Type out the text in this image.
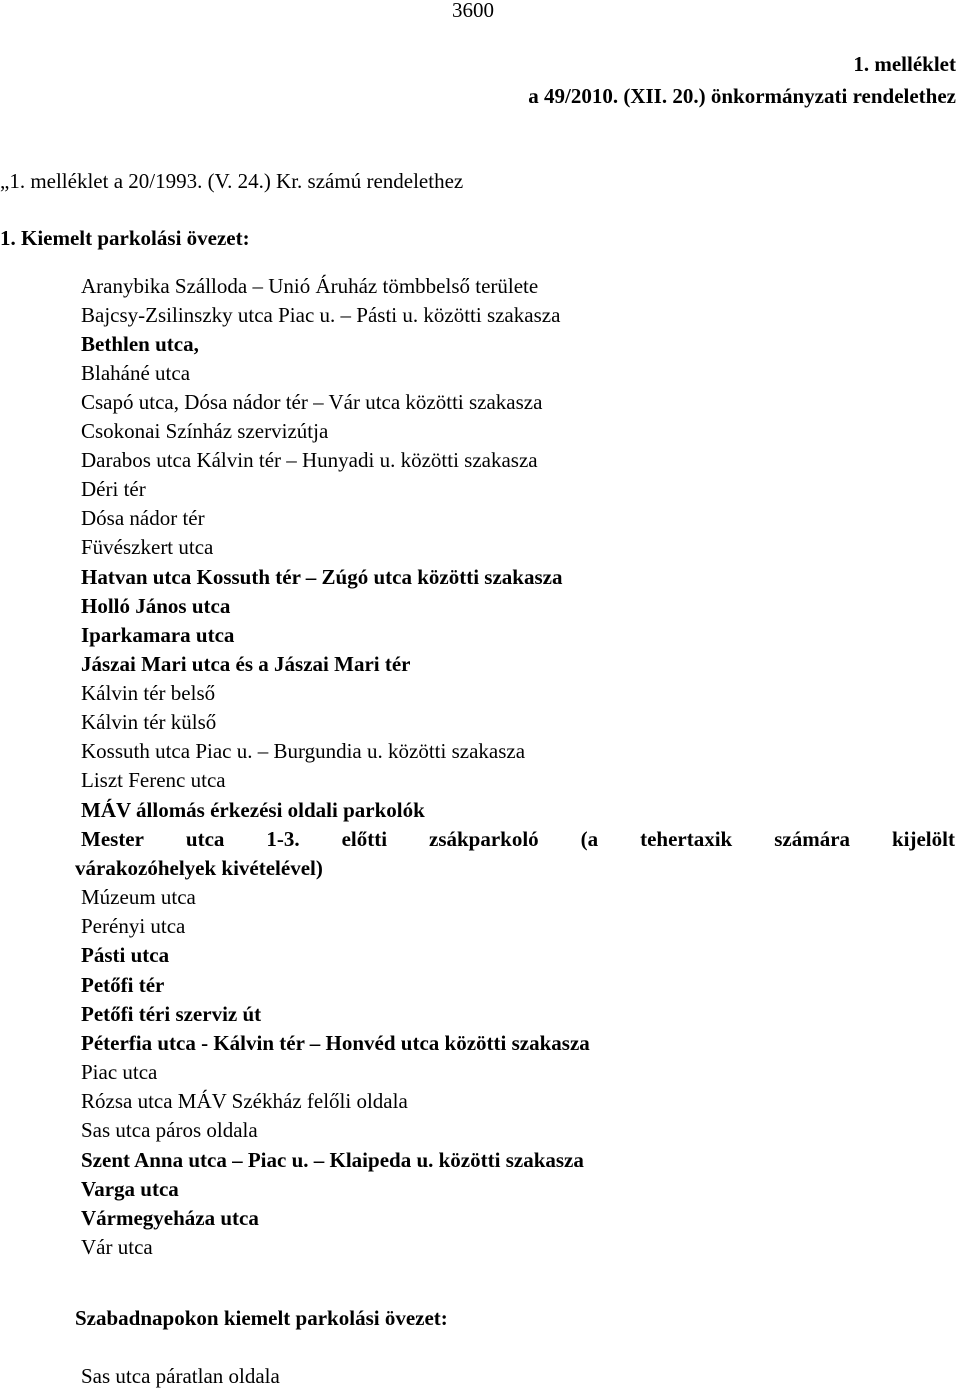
3600
1. melléklet
a 49/2010. (XII. 20.) önkormányzati rendelethez
„1. melléklet a 20/1993. (V. 24.) Kr. számú rendelethez
1. Kiemelt parkolási övezet:
Aranybika Szálloda – Unió Áruház tömbbelső területe
Bajcsy-Zsilinszky utca Piac u. – Pásti u. közötti szakasza
Bethlen utca,
Blaháné utca
Csapó utca, Dósa nádor tér – Vár utca közötti szakasza
Csokonai Színház szervizútja
Darabos utca Kálvin tér – Hunyadi u. közötti szakasza
Déri tér
Dósa nádor tér
Füvészkert utca
Hatvan utca Kossuth tér – Zúgó utca közötti szakasza
Holló János utca
Iparkamara utca
Jászai Mari utca és a Jászai Mari tér
Kálvin tér belső
Kálvin tér külső
Kossuth utca Piac u. – Burgundia u. közötti szakasza
Liszt Ferenc utca
MÁV állomás érkezési oldali parkolók
Mester utca 1-3. előtti zsákparkoló (a tehertaxik számára kijelölt
várakozóhelyek kivételével)
Múzeum utca
Perényi utca
Pásti utca
Petőfi tér
Petőfi téri szerviz út
Péterfia utca - Kálvin tér – Honvéd utca közötti szakasza
Piac utca
Rózsa utca MÁV Székház felőli oldala
Sas utca páros oldala
Szent Anna utca – Piac u. – Klaipeda u. közötti szakasza
Varga utca
Vármegyeháza utca
Vár utca
Szabadnapokon kiemelt parkolási övezet:
Sas utca páratlan oldala
